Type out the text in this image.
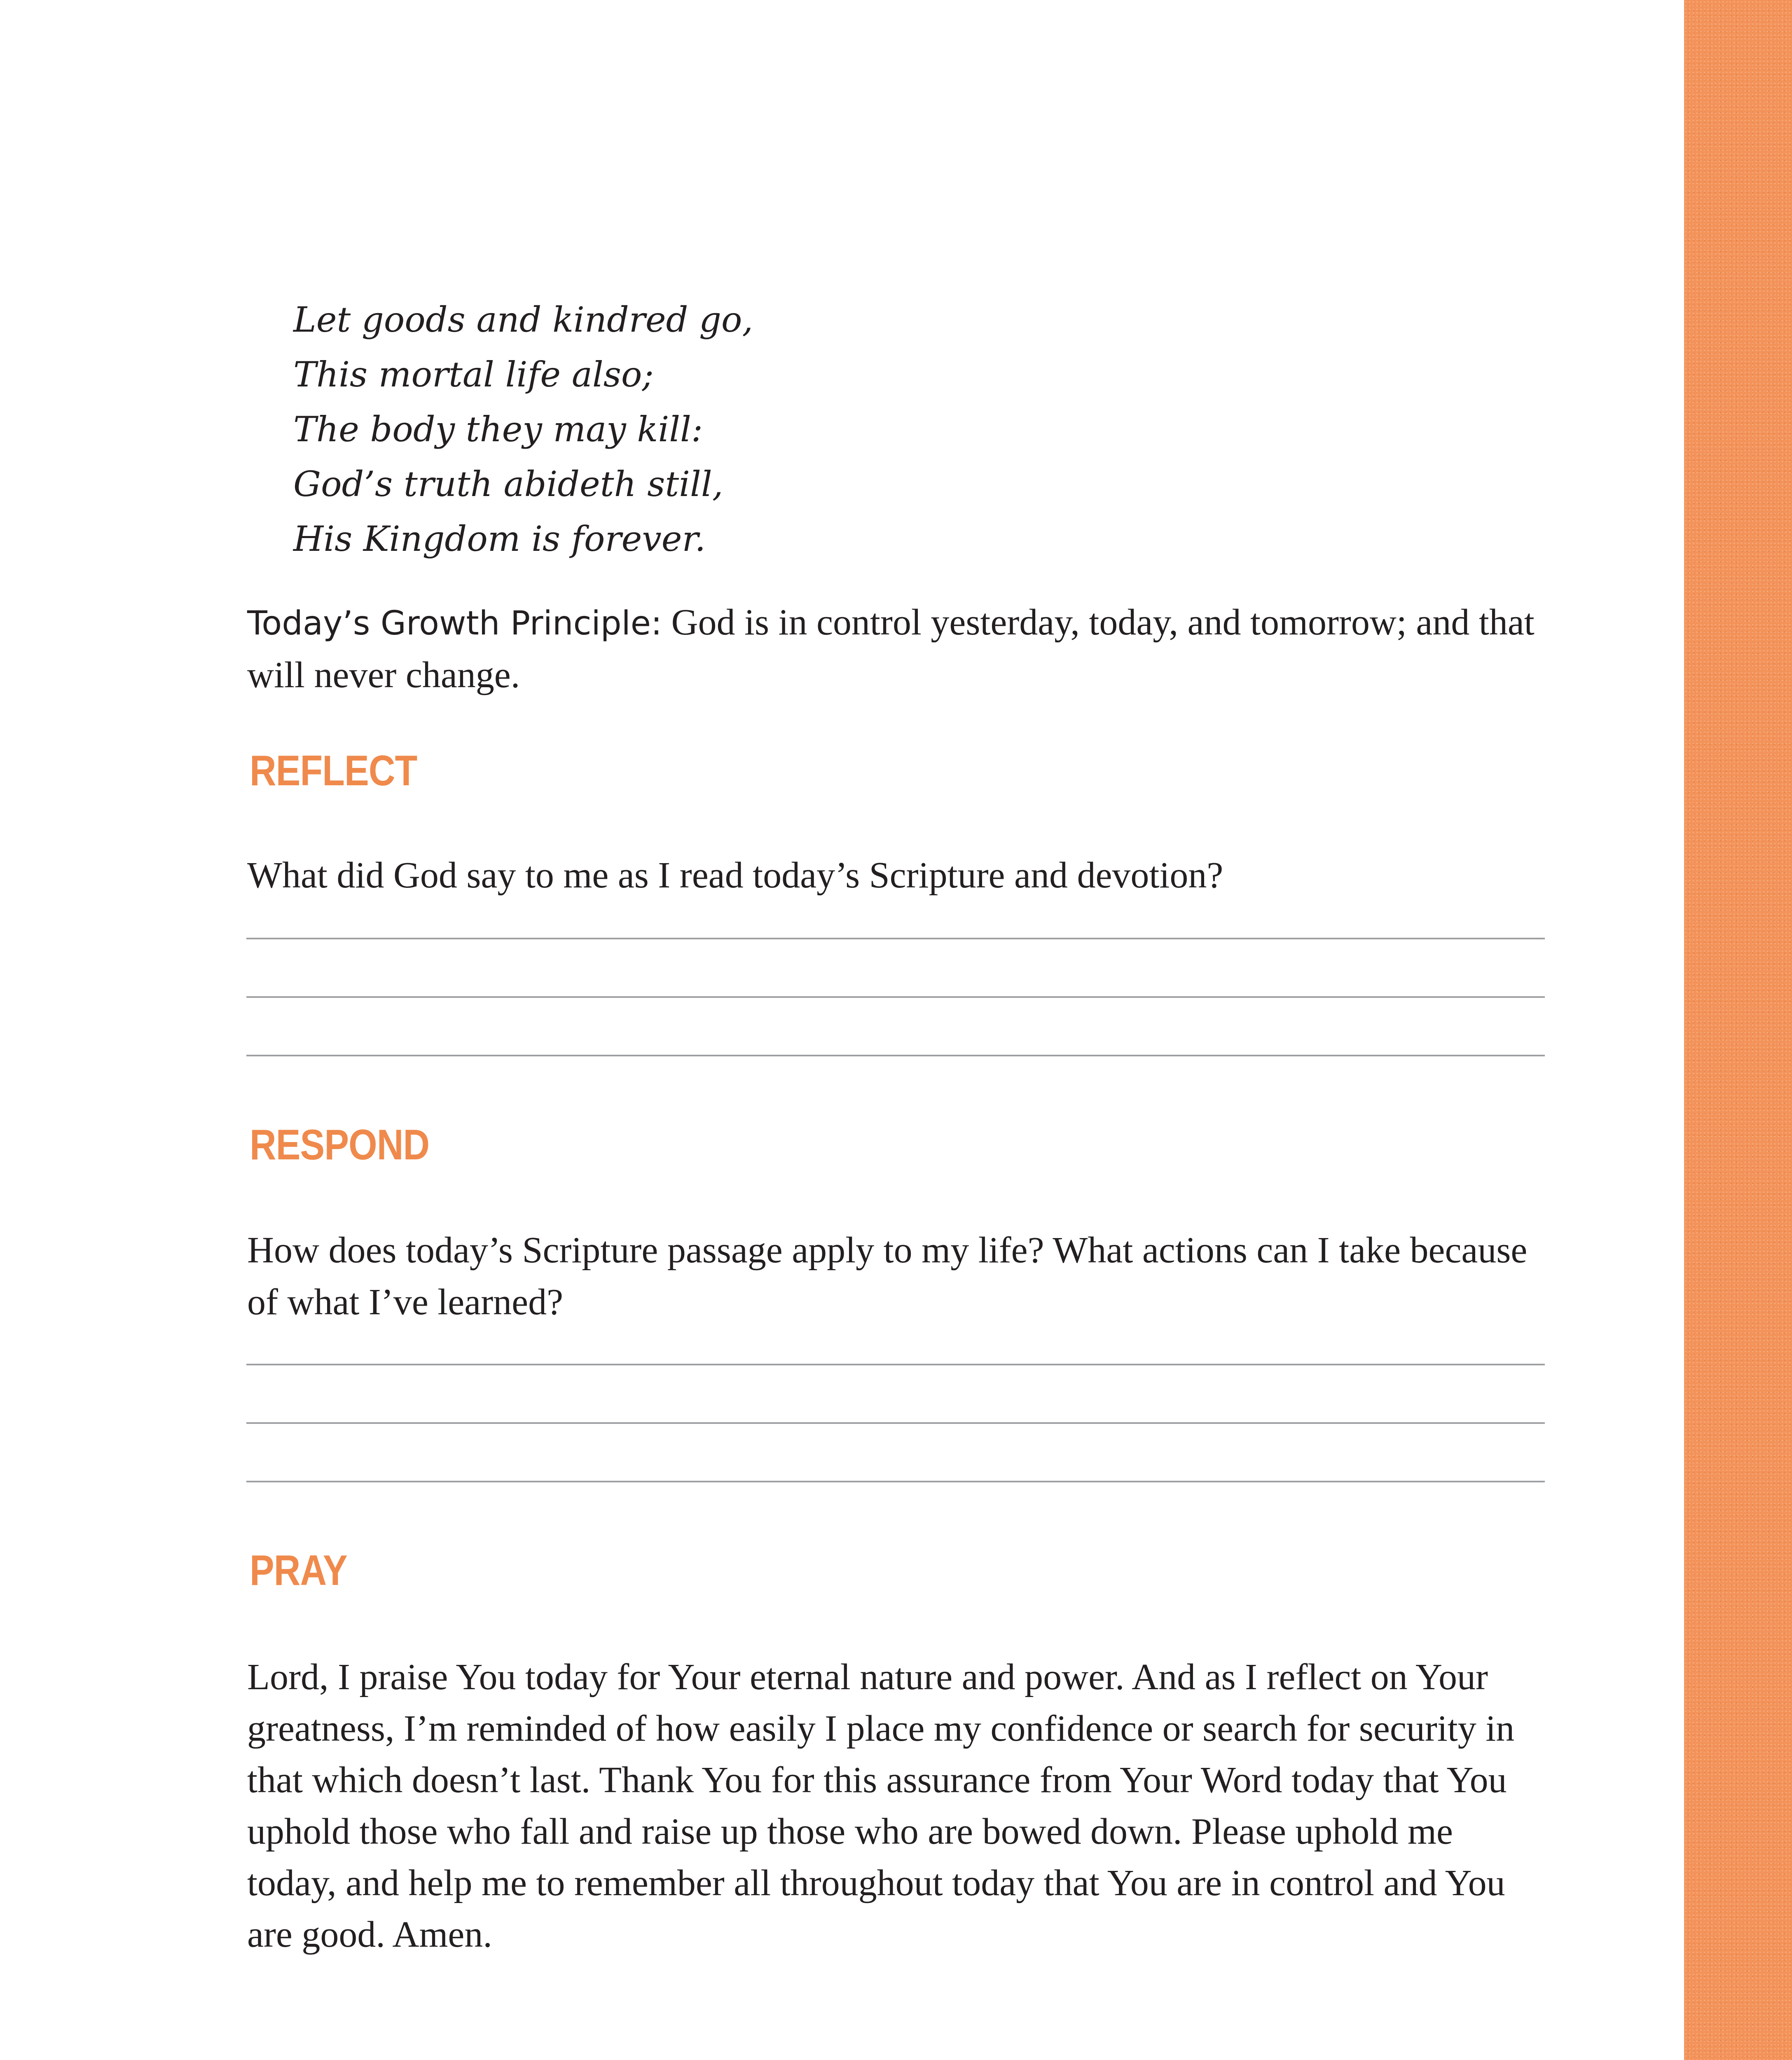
Let goods and kindred go,
This mortal life also;
The body they may kill:
God’s truth abideth still,
His Kingdom is forever.
Today’s Growth Principle: God is in control yesterday, today, and tomorrow; and that will never change.
REFLECT
What did God say to me as I read today’s Scripture and devotion?
RESPOND
How does today’s Scripture passage apply to my life? What actions can I take because of what I’ve learned?
PRAY
Lord, I praise You today for Your eternal nature and power. And as I reflect on Your greatness, I’m reminded of how easily I place my confidence or search for security in that which doesn’t last. Thank You for this assurance from Your Word today that You uphold those who fall and raise up those who are bowed down. Please uphold me today, and help me to remember all throughout today that You are in control and You are good. Amen.
